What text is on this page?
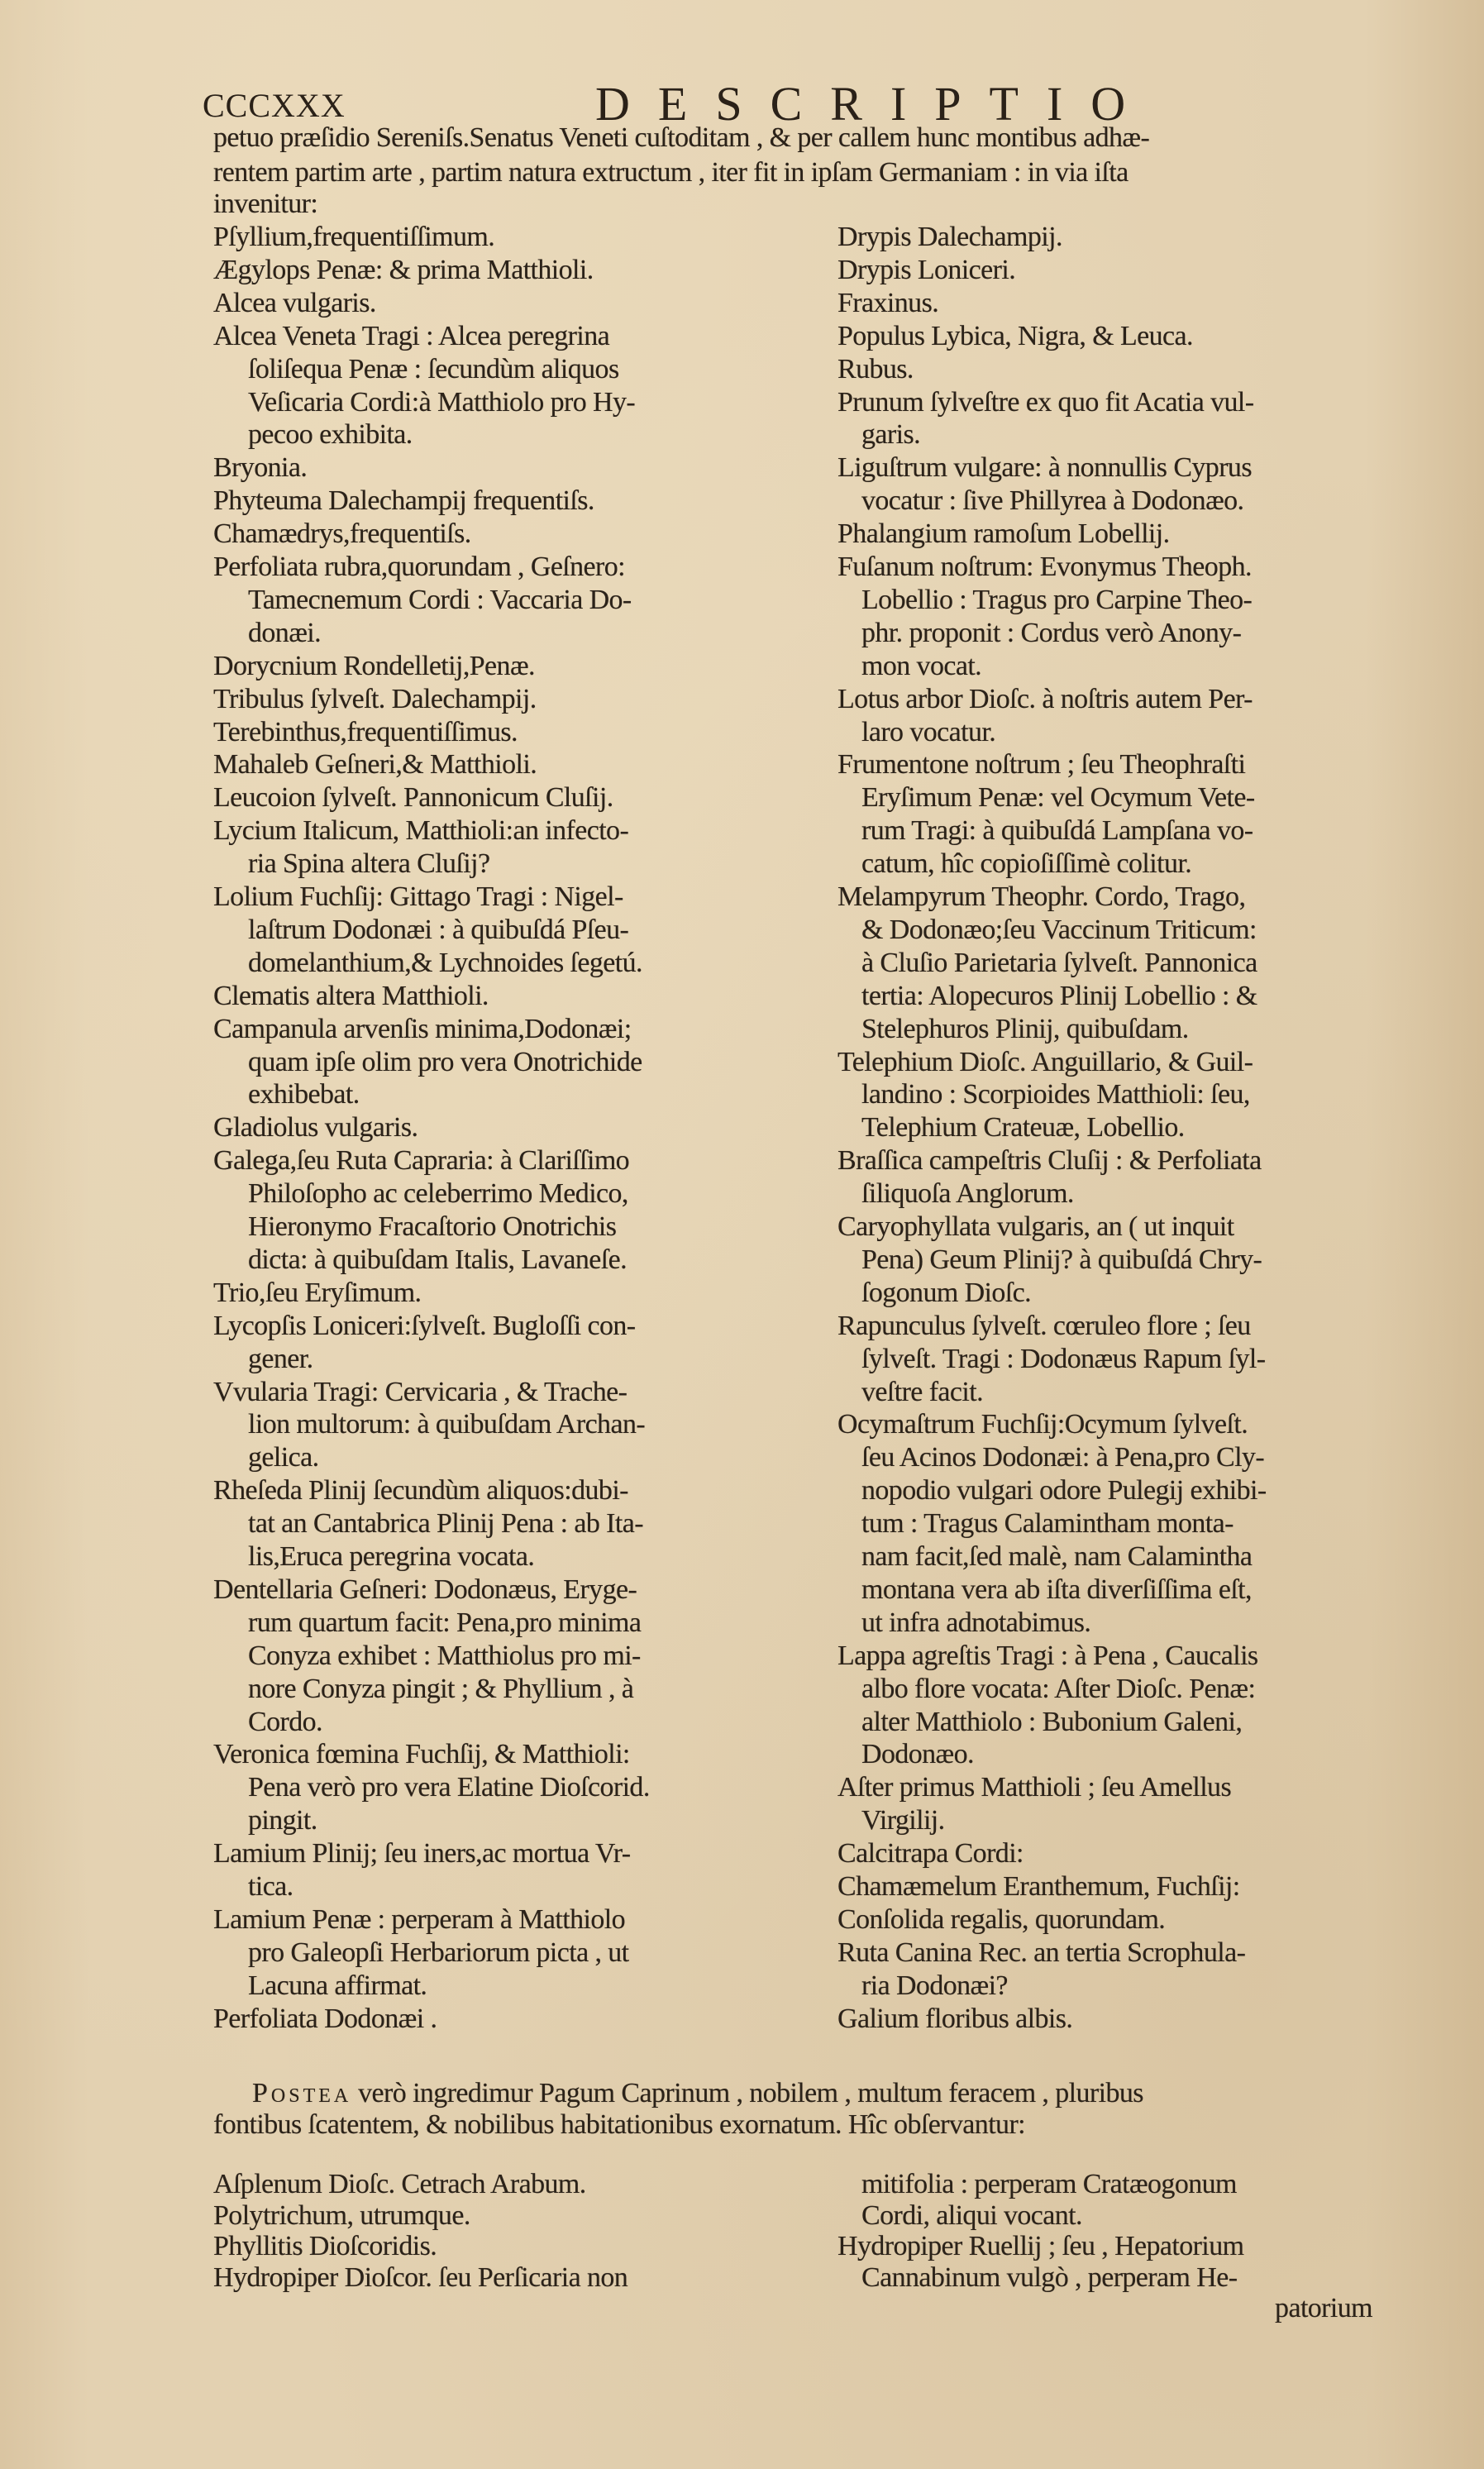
CCCXXX	DESCRIPTIO
petuo præſidio Sereniſs.Senatus Veneti cuſtoditam , & per callem hunc montibus adhæ-
rentem partim arte , partim natura extructum , iter fit in ipſam Germaniam : in via iſta
invenitur:
Pſyllium,frequentiſſimum.
Ægylops Penæ: & prima Matthioli.
Alcea vulgaris.
Alcea Veneta Tragi : Alcea peregrina
ſoliſequa Penæ : ſecundùm aliquos
Veſicaria Cordi:à Matthiolo pro Hy-
pecoo exhibita.
Bryonia.
Phyteuma Dalechampij frequentiſs.
Chamædrys,frequentiſs.
Perfoliata rubra,quorundam , Geſnero:
Tamecnemum Cordi : Vaccaria Do-
donæi.
Dorycnium Rondelletij,Penæ.
Tribulus ſylveſt. Dalechampij.
Terebinthus,frequentiſſimus.
Mahaleb Geſneri,& Matthioli.
Leucoion ſylveſt. Pannonicum Cluſij.
Lycium Italicum, Matthioli:an infecto-
ria Spina altera Cluſij?
Lolium Fuchſij: Gittago Tragi : Nigel-
laſtrum Dodonæi : à quibuſdá Pſeu-
domelanthium,& Lychnoides ſegetú.
Clematis altera Matthioli.
Campanula arvenſis minima,Dodonæi;
quam ipſe olim pro vera Onotrichide
exhibebat.
Gladiolus vulgaris.
Galega,ſeu Ruta Capraria: à Clariſſimo
Philoſopho ac celeberrimo Medico,
Hieronymo Fracaſtorio Onotrichis
dicta: à quibuſdam Italis, Lavaneſe.
Trio,ſeu Eryſimum.
Lycopſis Loniceri:ſylveſt. Bugloſſi con-
gener.
Vvularia Tragi: Cervicaria , & Trache-
lion multorum: à quibuſdam Archan-
gelica.
Rheſeda Plinij ſecundùm aliquos:dubi-
tat an Cantabrica Plinij Pena : ab Ita-
lis,Eruca peregrina vocata.
Dentellaria Geſneri: Dodonæus, Eryge-
rum quartum facit: Pena,pro minima
Conyza exhibet : Matthiolus pro mi-
nore Conyza pingit ; & Phyllium , à
Cordo.
Veronica fœmina Fuchſij, & Matthioli:
Pena verò pro vera Elatine Dioſcorid.
pingit.
Lamium Plinij; ſeu iners,ac mortua Vr-
tica.
Lamium Penæ : perperam à Matthiolo
pro Galeopſi Herbariorum picta , ut
Lacuna affirmat.
Perfoliata Dodonæi .
Drypis Dalechampij.
Drypis Loniceri.
Fraxinus.
Populus Lybica, Nigra, & Leuca.
Rubus.
Prunum ſylveſtre ex quo fit Acatia vul-
garis.
Liguſtrum vulgare: à nonnullis Cyprus
vocatur : ſive Phillyrea à Dodonæo.
Phalangium ramoſum Lobellij.
Fuſanum noſtrum: Evonymus Theoph.
Lobellio : Tragus pro Carpine Theo-
phr. proponit : Cordus verò Anony-
mon vocat.
Lotus arbor Dioſc. à noſtris autem Per-
laro vocatur.
Frumentone noſtrum ; ſeu Theophraſti
Eryſimum Penæ: vel Ocymum Vete-
rum Tragi: à quibuſdá Lampſana vo-
catum, hîc copioſiſſimè colitur.
Melampyrum Theophr. Cordo, Trago,
& Dodonæo;ſeu Vaccinum Triticum:
à Cluſio Parietaria ſylveſt. Pannonica
tertia: Alopecuros Plinij Lobellio : &
Stelephuros Plinij, quibuſdam.
Telephium Dioſc. Anguillario, & Guil-
landino : Scorpioides Matthioli: ſeu,
Telephium Crateuæ, Lobellio.
Braſſica campeſtris Cluſij : & Perfoliata
ſiliquoſa Anglorum.
Caryophyllata vulgaris, an ( ut inquit
Pena) Geum Plinij? à quibuſdá Chry-
ſogonum Dioſc.
Rapunculus ſylveſt. cœruleo flore ; ſeu
ſylveſt. Tragi : Dodonæus Rapum ſyl-
veſtre facit.
Ocymaſtrum Fuchſij:Ocymum ſylveſt.
ſeu Acinos Dodonæi: à Pena,pro Cly-
nopodio vulgari odore Pulegij exhibi-
tum : Tragus Calamintham monta-
nam facit,ſed malè, nam Calamintha
montana vera ab iſta diverſiſſima eſt,
ut infra adnotabimus.
Lappa agreſtis Tragi : à Pena , Caucalis
albo flore vocata: Aſter Dioſc. Penæ:
alter Matthiolo : Bubonium Galeni,
Dodonæo.
Aſter primus Matthioli ; ſeu Amellus
Virgilij.
Calcitrapa Cordi:
Chamæmelum Eranthemum, Fuchſij:
Conſolida regalis, quorundam.
Ruta Canina Rec. an tertia Scrophula-
ria Dodonæi?
Galium floribus albis.
Postea verò ingredimur Pagum Caprinum , nobilem , multum feracem , pluribus
fontibus ſcatentem, & nobilibus habitationibus exornatum. Hîc obſervantur:
Aſplenum Dioſc. Cetrach Arabum.
Polytrichum, utrumque.
Phyllitis Dioſcoridis.
Hydropiper Dioſcor. ſeu Perſicaria non
mitifolia : perperam Cratæogonum
Cordi, aliqui vocant.
Hydropiper Ruellij ; ſeu , Hepatorium
Cannabinum vulgò , perperam He-
patorium
